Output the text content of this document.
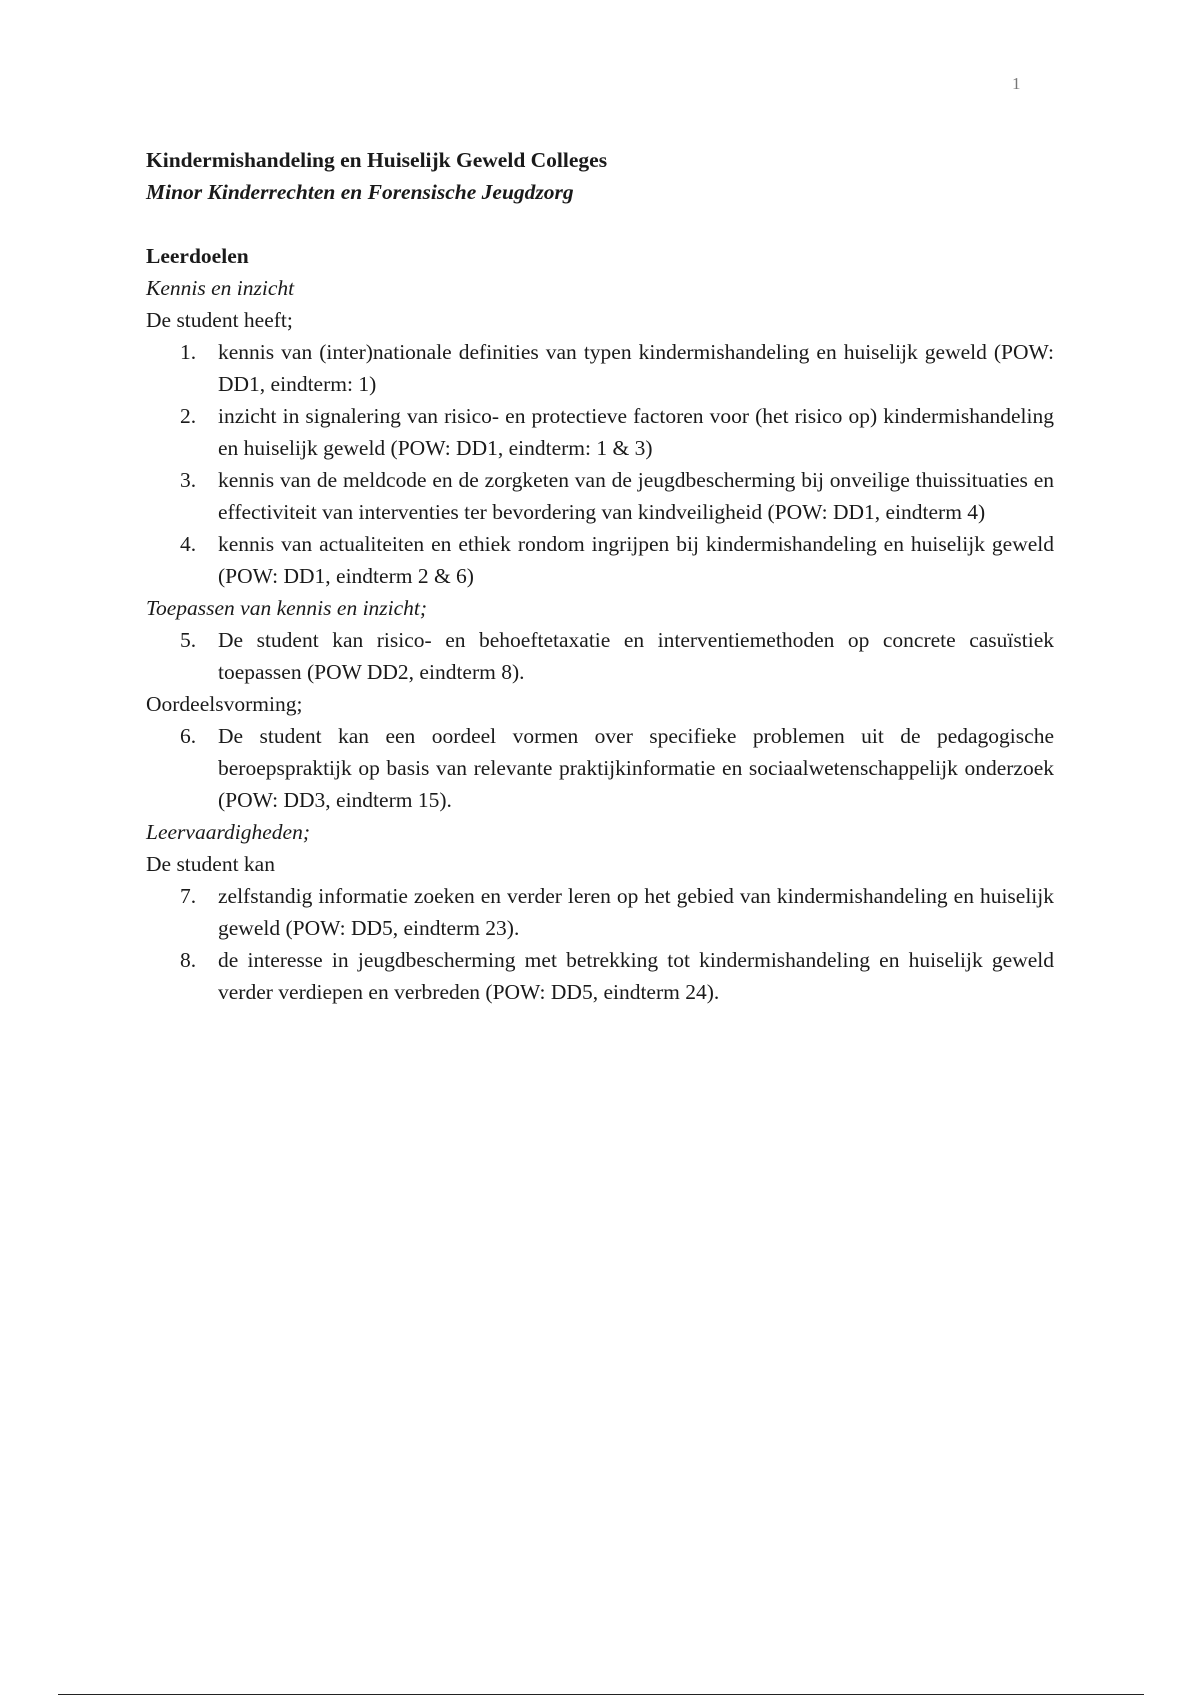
1

Kindermishandeling en Huiselijk Geweld Colleges

Minor Kinderrechten en Forensische Jeugdzorg

Leerdoelen

Kennis en inzicht

De student heeft;

1. kennis van (inter)nationale definities van typen kindermishandeling en huiselijk geweld (POW: DD1, eindterm: 1)
2. inzicht in signalering van risico- en protectieve factoren voor (het risico op) kindermishandeling en huiselijk geweld (POW: DD1, eindterm: 1 & 3)
3. kennis van de meldcode en de zorgketen van de jeugdbescherming bij onveilige thuissituaties en effectiviteit van interventies ter bevordering van kindveiligheid (POW: DD1, eindterm 4)
4. kennis van actualiteiten en ethiek rondom ingrijpen bij kindermishandeling en huiselijk geweld (POW: DD1, eindterm 2 & 6)

Toepassen van kennis en inzicht;

5. De student kan risico- en behoeftetaxatie en interventiemethoden op concrete casuïstiek toepassen (POW DD2, eindterm 8).

Oordeelsvorming;

6. De student kan een oordeel vormen over specifieke problemen uit de pedagogische beroepspraktijk op basis van relevante praktijkinformatie en sociaalwetenschappelijk onderzoek (POW: DD3, eindterm 15).

Leervaardigheden;

De student kan

7. zelfstandig informatie zoeken en verder leren op het gebied van kindermishandeling en huiselijk geweld (POW: DD5, eindterm 23).
8. de interesse in jeugdbescherming met betrekking tot kindermishandeling en huiselijk geweld verder verdiepen en verbreden (POW: DD5, eindterm 24).
